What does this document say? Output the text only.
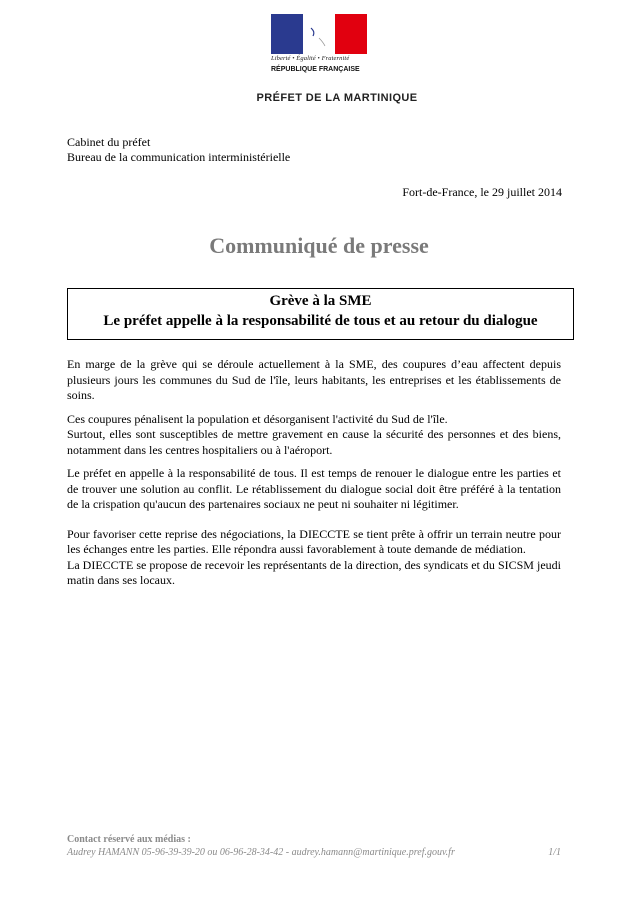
Liberté • Égalité • Fraternité
RÉPUBLIQUE FRANÇAISE
PRÉFET DE LA MARTINIQUE
Cabinet du préfet
Bureau de la communication interministérielle
Fort-de-France, le 29 juillet 2014
Communiqué de presse
Grève à la SME
Le préfet appelle à la responsabilité de tous et au retour du dialogue

En marge de la grève qui se déroule actuellement à la SME, des coupures d’eau affectent depuis plusieurs jours les communes du Sud de l'île, leurs habitants, les entreprises et les établissements de soins.

Ces coupures pénalisent la population et désorganisent l'activité du Sud de l'île.

Surtout, elles sont susceptibles de mettre gravement en cause la sécurité des personnes et des biens, notamment dans les centres hospitaliers ou à l'aéroport.

Le préfet en appelle à la responsabilité de tous. Il est temps de renouer le dialogue entre les parties et de trouver une solution au conflit. Le rétablissement du dialogue social doit être préféré à la tentation de la crispation qu'aucun des partenaires sociaux ne peut ni souhaiter ni légitimer.

Pour favoriser cette reprise des négociations, la DIECCTE se tient prête à offrir un terrain neutre pour les échanges entre les parties. Elle répondra aussi favorablement à toute demande de médiation.

La DIECCTE se propose de recevoir les représentants de la direction, des syndicats et du SICSM jeudi matin dans ses locaux.

Contact réservé aux médias :
Audrey HAMANN 05-96-39-39-20 ou 06-96-28-34-42 - audrey.hamann@martinique.pref.gouv.fr	1/1
